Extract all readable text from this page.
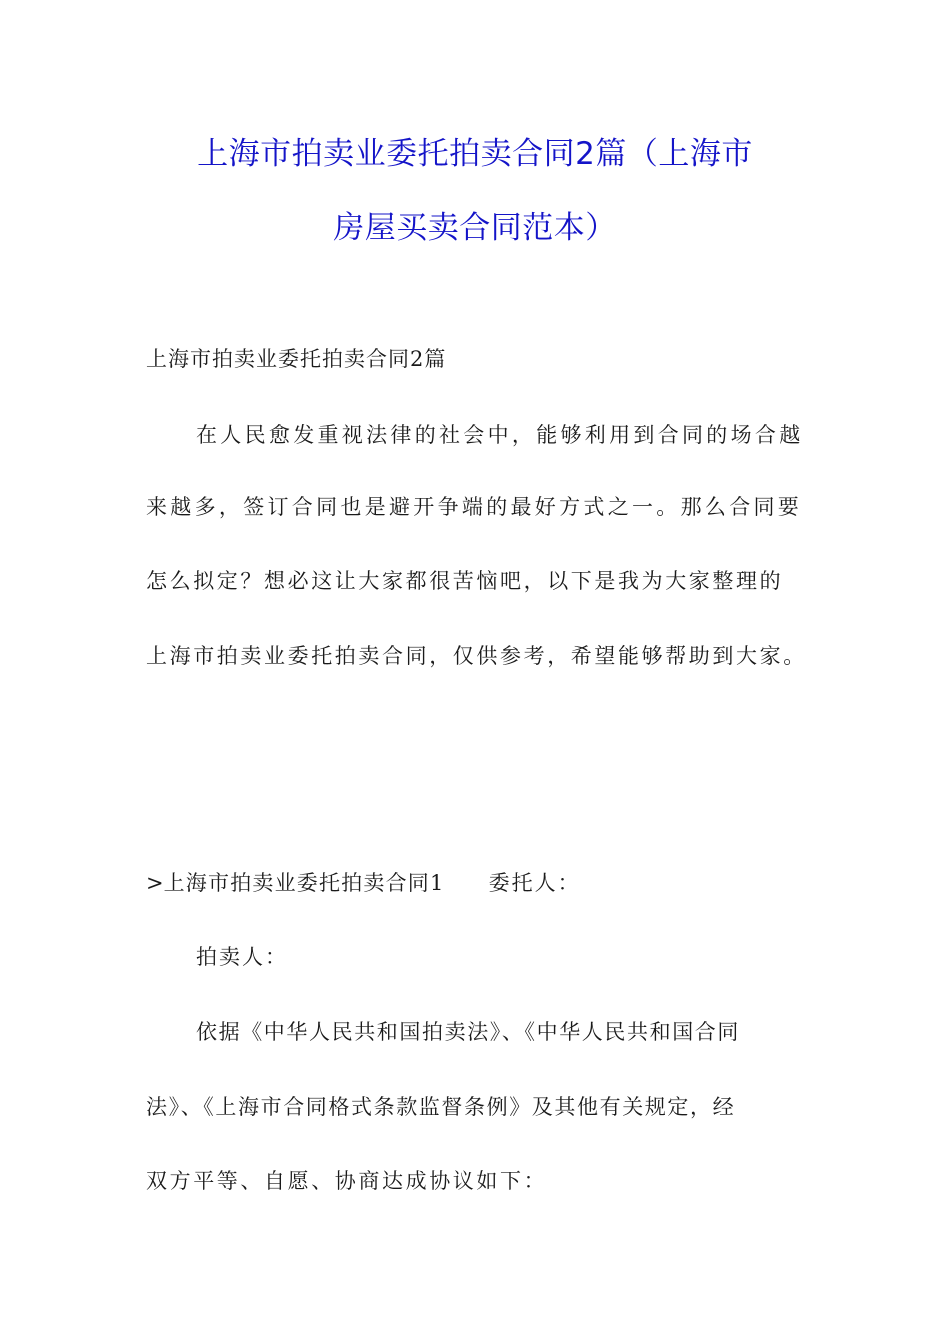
上海市拍卖业委托拍卖合同2篇（上海市
房屋买卖合同范本）
上海市拍卖业委托拍卖合同2篇
在人民愈发重视法律的社会中，能够利用到合同的场合越
来越多，签订合同也是避开争端的最好方式之一。那么合同要
怎么拟定？想必这让大家都很苦恼吧，以下是我为大家整理的
上海市拍卖业委托拍卖合同，仅供参考，希望能够帮助到大家。
>上海市拍卖业委托拍卖合同1 委托人：
拍卖人：
依据《中华人民共和国拍卖法》、《中华人民共和国合同
法》、《上海市合同格式条款监督条例》及其他有关规定，经
双方平等、自愿、协商达成协议如下：
